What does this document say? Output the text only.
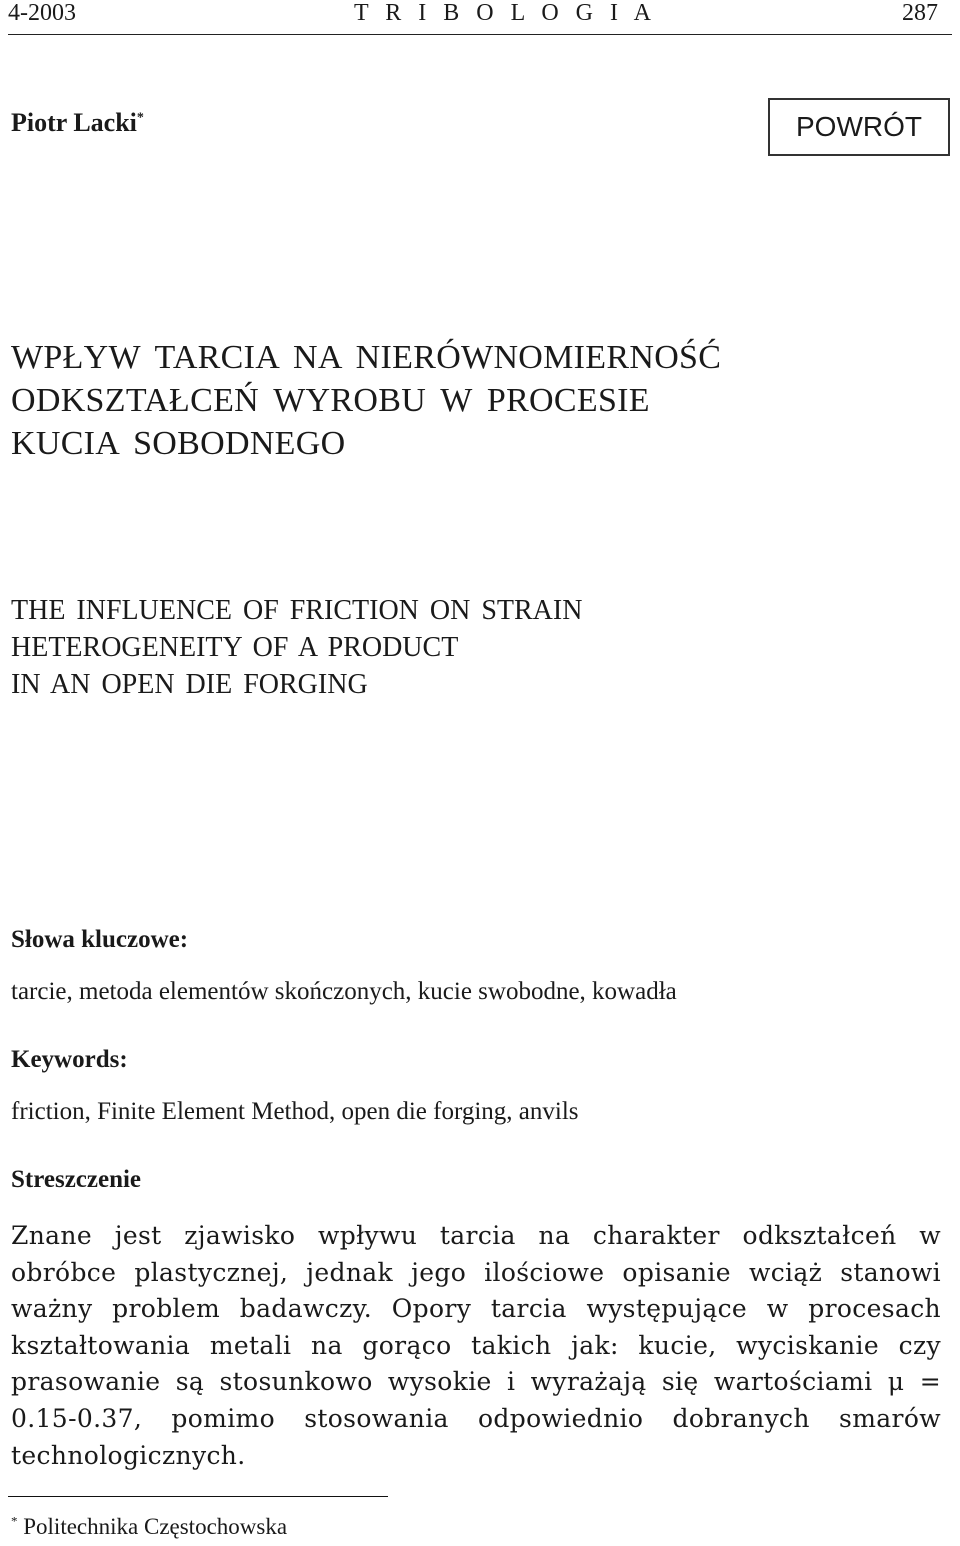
4-2003	T R I B O L O G I A	287
Piotr Lacki*	POWRÓT
WPŁYW TARCIA NA NIERÓWNOMIERNOŚĆ
ODKSZTAŁCEŃ WYROBU W PROCESIE
KUCIA SOBODNEGO
THE INFLUENCE OF FRICTION ON STRAIN
HETEROGENEITY OF A PRODUCT
IN AN OPEN DIE FORGING
Słowa kluczowe:
tarcie, metoda elementów skończonych, kucie swobodne, kowadła
Keywords:
friction, Finite Element Method, open die forging, anvils
Streszczenie
Znane jest zjawisko wpływu tarcia na charakter odkształceń w obróbce plastycznej, jednak jego ilościowe opisanie wciąż stanowi ważny problem badawczy. Opory tarcia występujące w procesach kształtowania metali na gorąco takich jak: kucie, wyciskanie czy prasowanie są stosunkowo wysokie i wyrażają się wartościami μ = 0.15-0.37, pomimo stosowania odpowiednio dobranych smarów technologicznych.
* Politechnika Częstochowska
